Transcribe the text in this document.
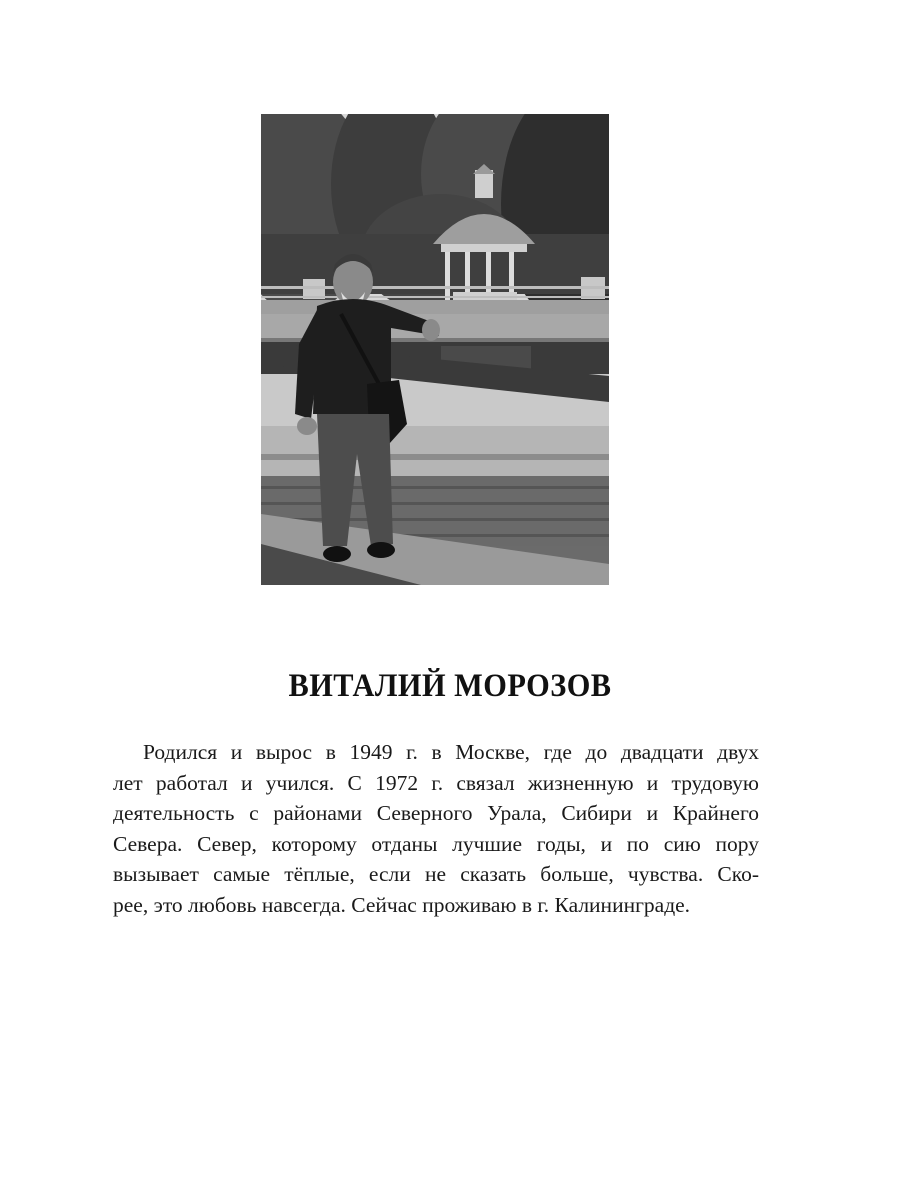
ВИТАЛИЙ МОРОЗОВ
Родился и вырос в 1949 г. в Москве, где до двадцати двух
лет работал и учился. С 1972 г. связал жизненную и трудовую
деятельность с районами Северного Урала, Сибири и Крайнего
Севера. Север, которому отданы лучшие годы, и по сию пору
вызывает самые тёплые, если не сказать больше, чувства. Ско-
рее, это любовь навсегда. Сейчас проживаю в г. Калининграде.
